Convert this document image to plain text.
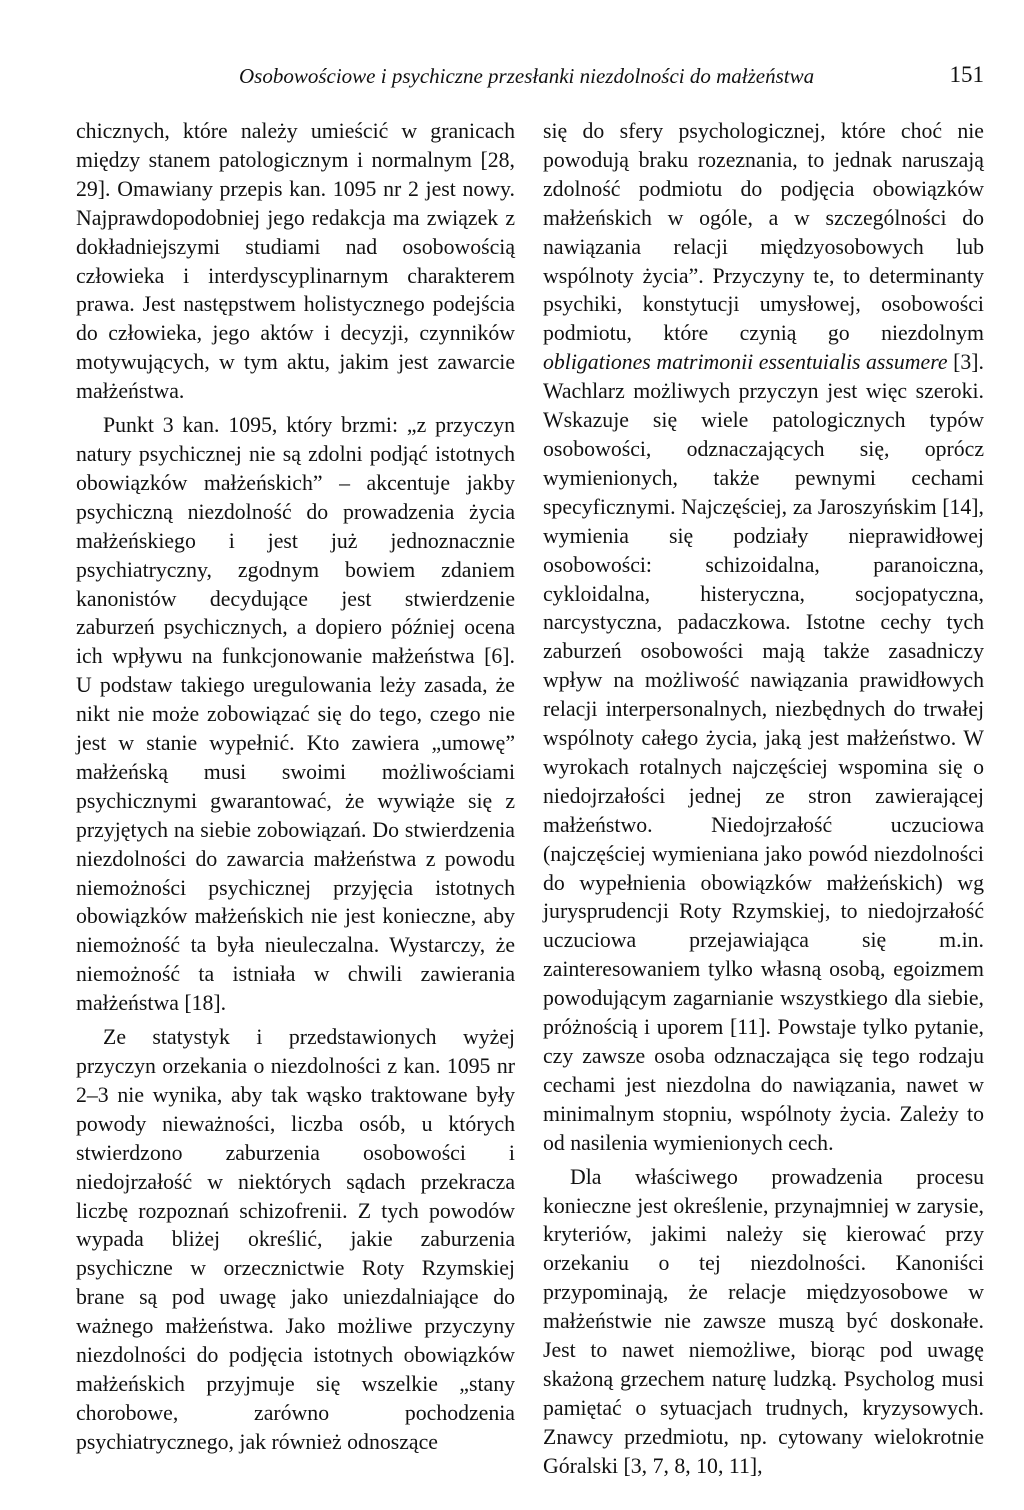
Osobowościowe i psychiczne przesłanki niezdolności do małżeństwa	151

chicznych, które należy umieścić w granicach między stanem patologicznym i normalnym [28, 29]. Omawiany przepis kan. 1095 nr 2 jest nowy. Najprawdopodobniej jego redakcja ma związek z dokładniejszymi studiami nad osobowością człowieka i interdyscyplinarnym charakterem prawa. Jest następstwem holistycznego podejścia do człowieka, jego aktów i decyzji, czynników motywujących, w tym aktu, jakim jest zawarcie małżeństwa.

Punkt 3 kan. 1095, który brzmi: „z przyczyn natury psychicznej nie są zdolni podjąć istotnych obowiązków małżeńskich” – akcentuje jakby psychiczną niezdolność do prowadzenia życia małżeńskiego i jest już jednoznacznie psychiatryczny, zgodnym bowiem zdaniem kanonistów decydujące jest stwierdzenie zaburzeń psychicznych, a dopiero później ocena ich wpływu na funkcjonowanie małżeństwa [6]. U podstaw takiego uregulowania leży zasada, że nikt nie może zobowiązać się do tego, czego nie jest w stanie wypełnić. Kto zawiera „umowę” małżeńską musi swoimi możliwościami psychicznymi gwarantować, że wywiąże się z przyjętych na siebie zobowiązań. Do stwierdzenia niezdolności do zawarcia małżeństwa z powodu niemożności psychicznej przyjęcia istotnych obowiązków małżeńskich nie jest konieczne, aby niemożność ta była nieuleczalna. Wystarczy, że niemożność ta istniała w chwili zawierania małżeństwa [18].

Ze statystyk i przedstawionych wyżej przyczyn orzekania o niezdolności z kan. 1095 nr 2–3 nie wynika, aby tak wąsko traktowane były powody nieważności, liczba osób, u których stwierdzono zaburzenia osobowości i niedojrzałość w niektórych sądach przekracza liczbę rozpoznań schizofrenii. Z tych powodów wypada bliżej określić, jakie zaburzenia psychiczne w orzecznictwie Roty Rzymskiej brane są pod uwagę jako uniezdalniające do ważnego małżeństwa. Jako możliwe przyczyny niezdolności do podjęcia istotnych obowiązków małżeńskich przyjmuje się wszelkie „stany chorobowe, zarówno pochodzenia psychiatrycznego, jak również odnoszące

się do sfery psychologicznej, które choć nie powodują braku rozeznania, to jednak naruszają zdolność podmiotu do podjęcia obowiązków małżeńskich w ogóle, a w szczególności do nawiązania relacji międzyosobowych lub wspólnoty życia”. Przyczyny te, to determinanty psychiki, konstytucji umysłowej, osobowości podmiotu, które czynią go niezdolnym obligationes matrimonii essentuialis assumere [3]. Wachlarz możliwych przyczyn jest więc szeroki. Wskazuje się wiele patologicznych typów osobowości, odznaczających się, oprócz wymienionych, także pewnymi cechami specyficznymi. Najczęściej, za Jaroszyńskim [14], wymienia się podziały nieprawidłowej osobowości: schizoidalna, paranoiczna, cykloidalna, histeryczna, socjopatyczna, narcystyczna, padaczkowa. Istotne cechy tych zaburzeń osobowości mają także zasadniczy wpływ na możliwość nawiązania prawidłowych relacji interpersonalnych, niezbędnych do trwałej wspólnoty całego życia, jaką jest małżeństwo. W wyrokach rotalnych najczęściej wspomina się o niedojrzałości jednej ze stron zawierającej małżeństwo. Niedojrzałość uczuciowa (najczęściej wymieniana jako powód niezdolności do wypełnienia obowiązków małżeńskich) wg jurysprudencji Roty Rzymskiej, to niedojrzałość uczuciowa przejawiająca się m.in. zainteresowaniem tylko własną osobą, egoizmem powodującym zagarnianie wszystkiego dla siebie, próżnością i uporem [11]. Powstaje tylko pytanie, czy zawsze osoba odznaczająca się tego rodzaju cechami jest niezdolna do nawiązania, nawet w minimalnym stopniu, wspólnoty życia. Zależy to od nasilenia wymienionych cech.

Dla właściwego prowadzenia procesu konieczne jest określenie, przynajmniej w zarysie, kryteriów, jakimi należy się kierować przy orzekaniu o tej niezdolności. Kanoniści przypominają, że relacje międzyosobowe w małżeństwie nie zawsze muszą być doskonałe. Jest to nawet niemożliwe, biorąc pod uwagę skażoną grzechem naturę ludzką. Psycholog musi pamiętać o sytuacjach trudnych, kryzysowych. Znawcy przedmiotu, np. cytowany wielokrotnie Góralski [3, 7, 8, 10, 11],
